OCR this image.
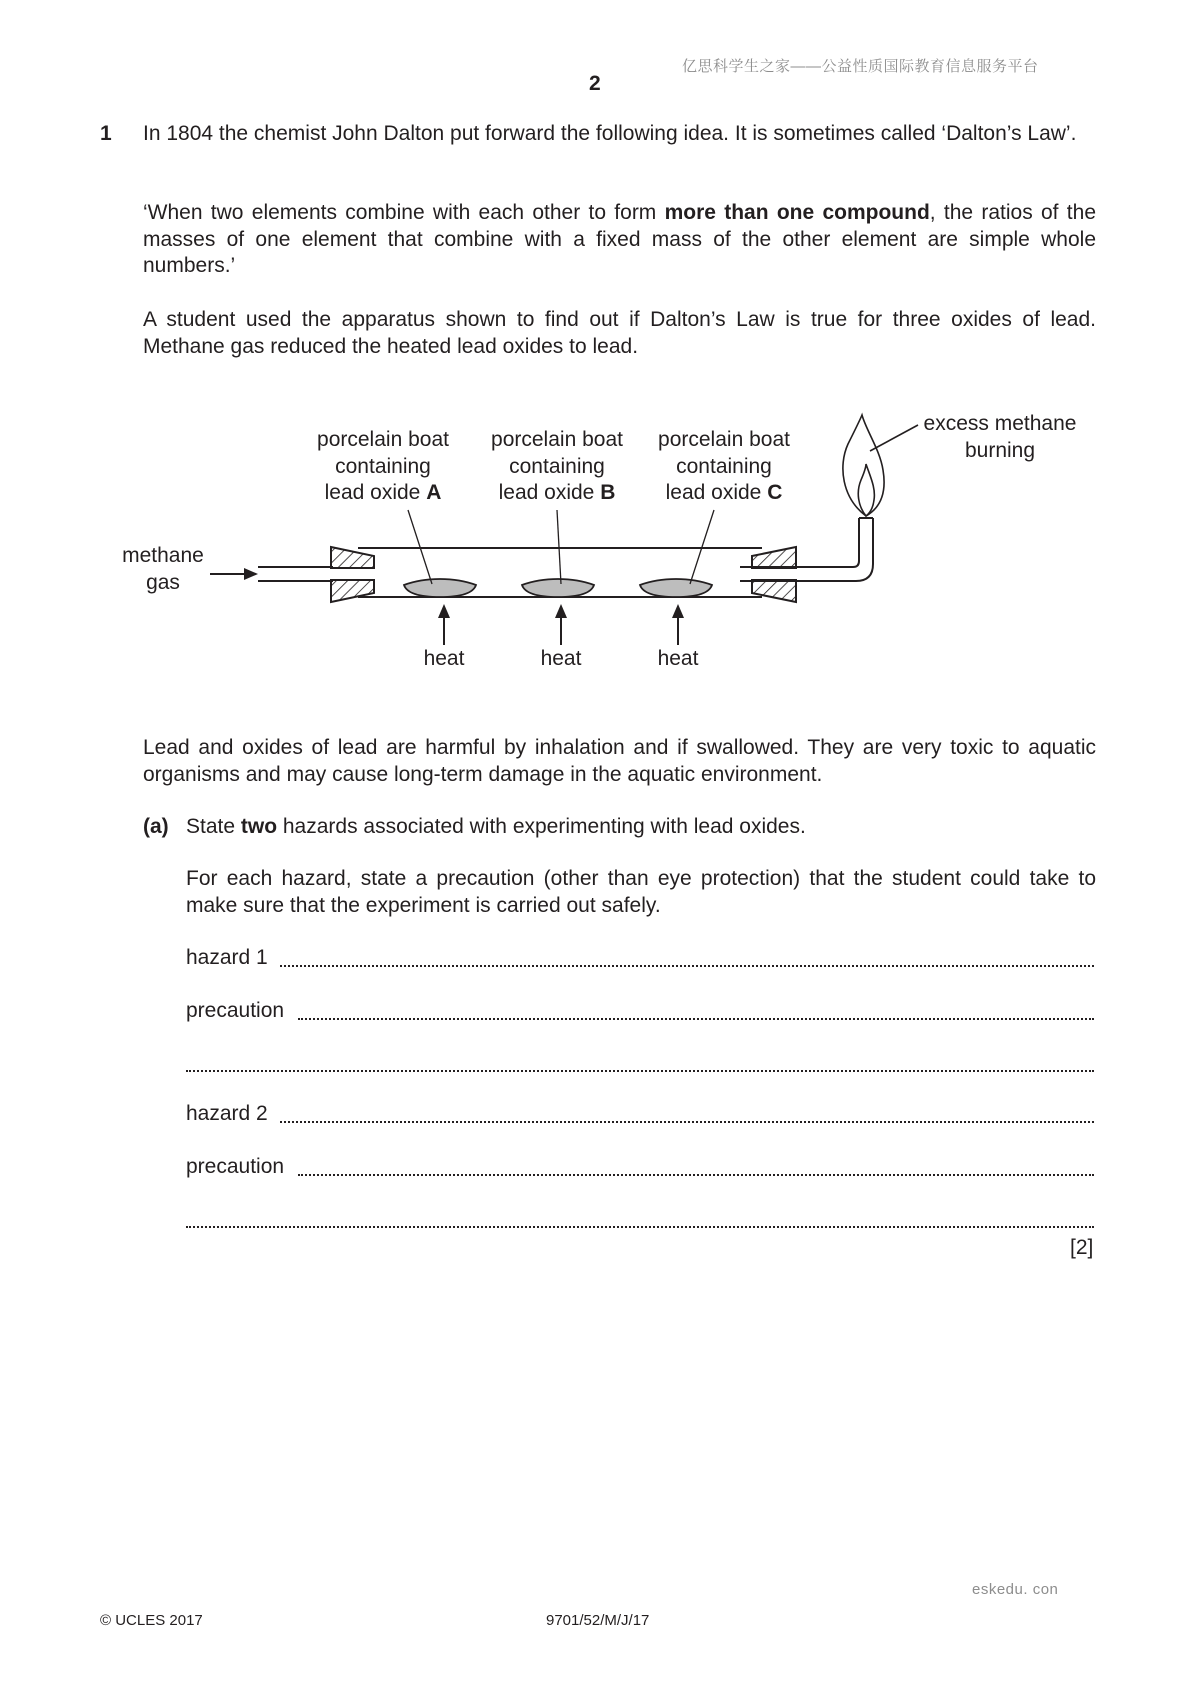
亿思科学生之家——公益性质国际教育信息服务平台
2
1 In 1804 the chemist John Dalton put forward the following idea. It is sometimes called ‘Dalton’s Law’.
‘When two elements combine with each other to form more than one compound, the ratios of the masses of one element that combine with a fixed mass of the other element are simple whole numbers.’
A student used the apparatus shown to find out if Dalton’s Law is true for three oxides of lead. Methane gas reduced the heated lead oxides to lead.
methane
gas
porcelain boat
containing
lead oxide A
porcelain boat
containing
lead oxide B
porcelain boat
containing
lead oxide C
heat	heat	heat
excess methane
burning
Lead and oxides of lead are harmful by inhalation and if swallowed. They are very toxic to aquatic organisms and may cause long-term damage in the aquatic environment.
(a) State two hazards associated with experimenting with lead oxides.
For each hazard, state a precaution (other than eye protection) that the student could take to make sure that the experiment is carried out safely.
hazard 1
precaution
hazard 2
precaution
[2]
eskedu. con
© UCLES 2017	9701/52/M/J/17
